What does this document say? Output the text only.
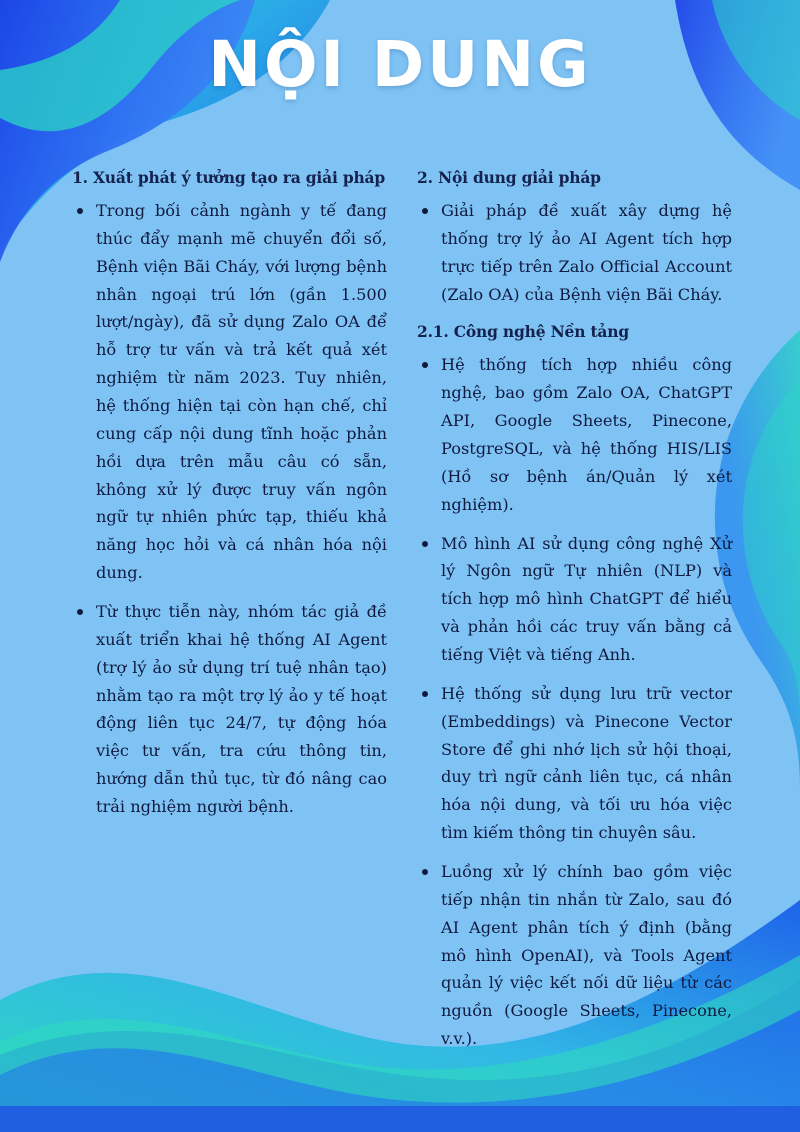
NỘI DUNG
1. Xuất phát ý tưởng tạo ra giải pháp
Trong bối cảnh ngành y tế đang thúc đẩy mạnh mẽ chuyển đổi số, Bệnh viện Bãi Cháy, với lượng bệnh nhân ngoại trú lớn (gần 1.500 lượt/ngày), đã sử dụng Zalo OA để hỗ trợ tư vấn và trả kết quả xét nghiệm từ năm 2023. Tuy nhiên, hệ thống hiện tại còn hạn chế, chỉ cung cấp nội dung tĩnh hoặc phản hồi dựa trên mẫu câu có sẵn, không xử lý được truy vấn ngôn ngữ tự nhiên phức tạp, thiếu khả năng học hỏi và cá nhân hóa nội dung.
Từ thực tiễn này, nhóm tác giả đề xuất triển khai hệ thống AI Agent (trợ lý ảo sử dụng trí tuệ nhân tạo) nhằm tạo ra một trợ lý ảo y tế hoạt động liên tục 24/7, tự động hóa việc tư vấn, tra cứu thông tin, hướng dẫn thủ tục, từ đó nâng cao trải nghiệm người bệnh.
2. Nội dung giải pháp
Giải pháp đề xuất xây dựng hệ thống trợ lý ảo AI Agent tích hợp trực tiếp trên Zalo Official Account (Zalo OA) của Bệnh viện Bãi Cháy.
2.1. Công nghệ Nền tảng
Hệ thống tích hợp nhiều công nghệ, bao gồm Zalo OA, ChatGPT API, Google Sheets, Pinecone, PostgreSQL, và hệ thống HIS/LIS (Hồ sơ bệnh án/Quản lý xét nghiệm).
Mô hình AI sử dụng công nghệ Xử lý Ngôn ngữ Tự nhiên (NLP) và tích hợp mô hình ChatGPT để hiểu và phản hồi các truy vấn bằng cả tiếng Việt và tiếng Anh.
Hệ thống sử dụng lưu trữ vector (Embeddings) và Pinecone Vector Store để ghi nhớ lịch sử hội thoại, duy trì ngữ cảnh liên tục, cá nhân hóa nội dung, và tối ưu hóa việc tìm kiếm thông tin chuyên sâu.
Luồng xử lý chính bao gồm việc tiếp nhận tin nhắn từ Zalo, sau đó AI Agent phân tích ý định (bằng mô hình OpenAI), và Tools Agent quản lý việc kết nối dữ liệu từ các nguồn (Google Sheets, Pinecone, v.v.).
